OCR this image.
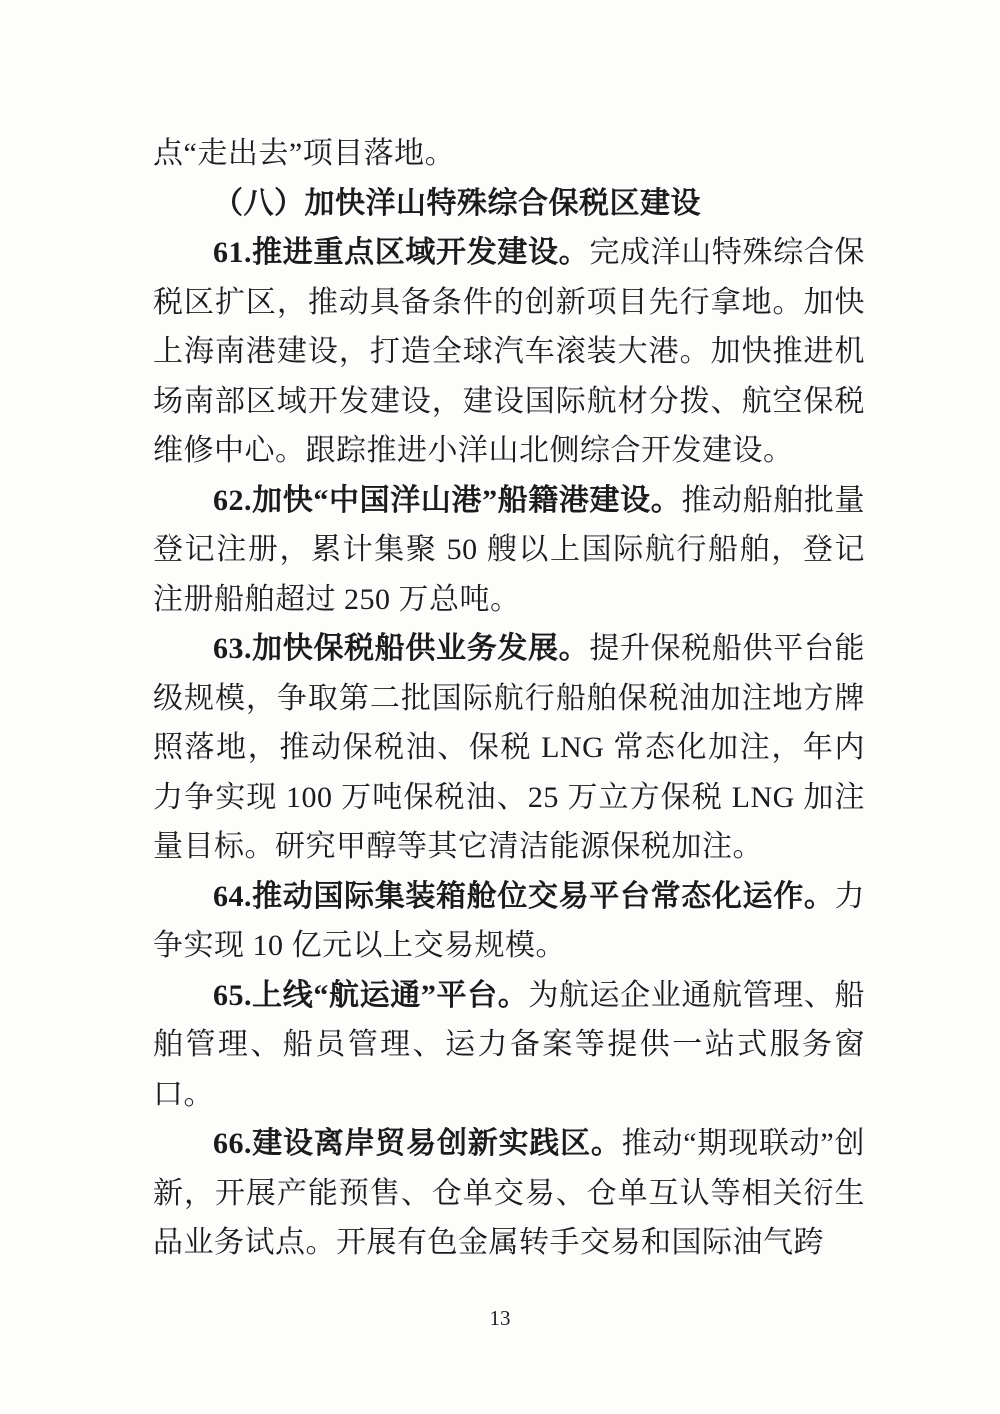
点“走出去”项目落地。

（八）加快洋山特殊综合保税区建设

61.推进重点区域开发建设。完成洋山特殊综合保税区扩区，推动具备条件的创新项目先行拿地。加快上海南港建设，打造全球汽车滚装大港。加快推进机场南部区域开发建设，建设国际航材分拨、航空保税维修中心。跟踪推进小洋山北侧综合开发建设。

62.加快“中国洋山港”船籍港建设。推动船舶批量登记注册，累计集聚 50 艘以上国际航行船舶，登记注册船舶超过 250 万总吨。

63.加快保税船供业务发展。提升保税船供平台能级规模，争取第二批国际航行船舶保税油加注地方牌照落地，推动保税油、保税 LNG 常态化加注，年内力争实现 100 万吨保税油、25 万立方保税 LNG 加注量目标。研究甲醇等其它清洁能源保税加注。

64.推动国际集装箱舱位交易平台常态化运作。力争实现 10 亿元以上交易规模。

65.上线“航运通”平台。为航运企业通航管理、船舶管理、船员管理、运力备案等提供一站式服务窗口。

66.建设离岸贸易创新实践区。推动“期现联动”创新，开展产能预售、仓单交易、仓单互认等相关衍生品业务试点。开展有色金属转手交易和国际油气跨

13
